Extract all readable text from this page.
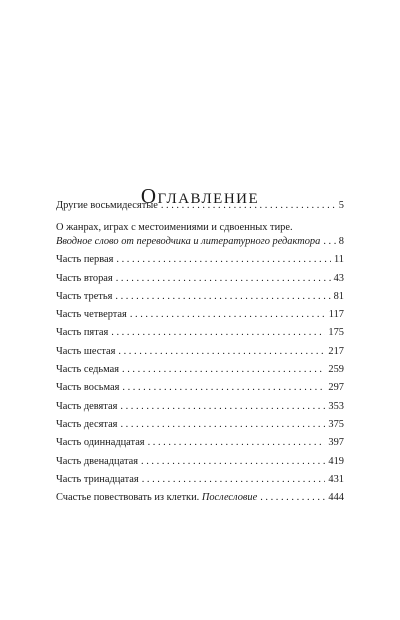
Оглавление
Другие восьмидесятые . . .	5
О жанрах, играх с местоимениями и сдвоенных тире.
Вводное слово от переводчика и литературного редактора . . . 8
Часть первая . . .	11
Часть вторая . . .	43
Часть третья . . .	81
Часть четвертая . . .	117
Часть пятая . . .	175
Часть шестая . . .	217
Часть седьмая . . .	259
Часть восьмая . . .	297
Часть девятая . . .	353
Часть десятая . . .	375
Часть одиннадцатая . . .	397
Часть двенадцатая . . .	419
Часть тринадцатая . . .	431
Счастье повествовать из клетки. Послесловие . . .	444
